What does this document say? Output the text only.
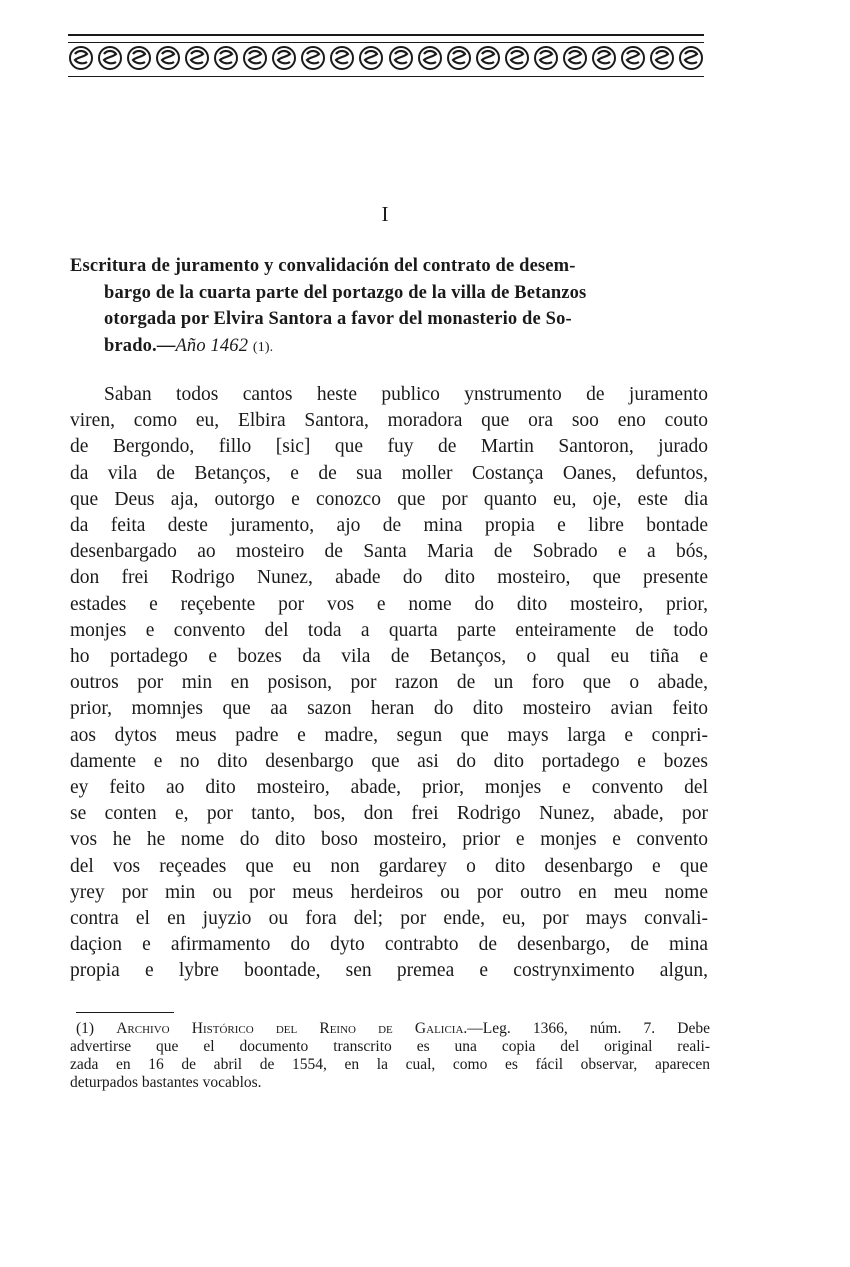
I
Escritura de juramento y convalidación del contrato de desem-
bargo de la cuarta parte del portazgo de la villa de Betanzos
otorgada por Elvira Santora a favor del monasterio de So-
brado.—Año 1462 (1).
Saban todos cantos heste publico ynstrumento de juramento
viren, como eu, Elbira Santora, moradora que ora soo eno couto
de Bergondo, fillo [sic] que fuy de Martin Santoron, jurado
da vila de Betanços, e de sua moller Costança Oanes, defuntos,
que Deus aja, outorgo e conozco que por quanto eu, oje, este dia
da feita deste juramento, ajo de mina propia e libre bontade
desenbargado ao mosteiro de Santa Maria de Sobrado e a bós,
don frei Rodrigo Nunez, abade do dito mosteiro, que presente
estades e reçebente por vos e nome do dito mosteiro, prior,
monjes e convento del toda a quarta parte enteiramente de todo
ho portadego e bozes da vila de Betanços, o qual eu tiña e
outros por min en posison, por razon de un foro que o abade,
prior, momnjes que aa sazon heran do dito mosteiro avian feito
aos dytos meus padre e madre, segun que mays larga e conpri-
damente e no dito desenbargo que asi do dito portadego e bozes
ey feito ao dito mosteiro, abade, prior, monjes e convento del
se conten e, por tanto, bos, don frei Rodrigo Nunez, abade, por
vos he he nome do dito boso mosteiro, prior e monjes e convento
del vos reçeades que eu non gardarey o dito desenbargo e que
yrey por min ou por meus herdeiros ou por outro en meu nome
contra el en juyzio ou fora del; por ende, eu, por mays convali-
daçion e afirmamento do dyto contrabto de desenbargo, de mina
propia e lybre boontade, sen premea e costrynximento algun,
(1) Archivo Histórico del Reino de Galicia.—Leg. 1366, núm. 7. Debe
advertirse que el documento transcrito es una copia del original reali-
zada en 16 de abril de 1554, en la cual, como es fácil observar, aparecen
deturpados bastantes vocablos.
